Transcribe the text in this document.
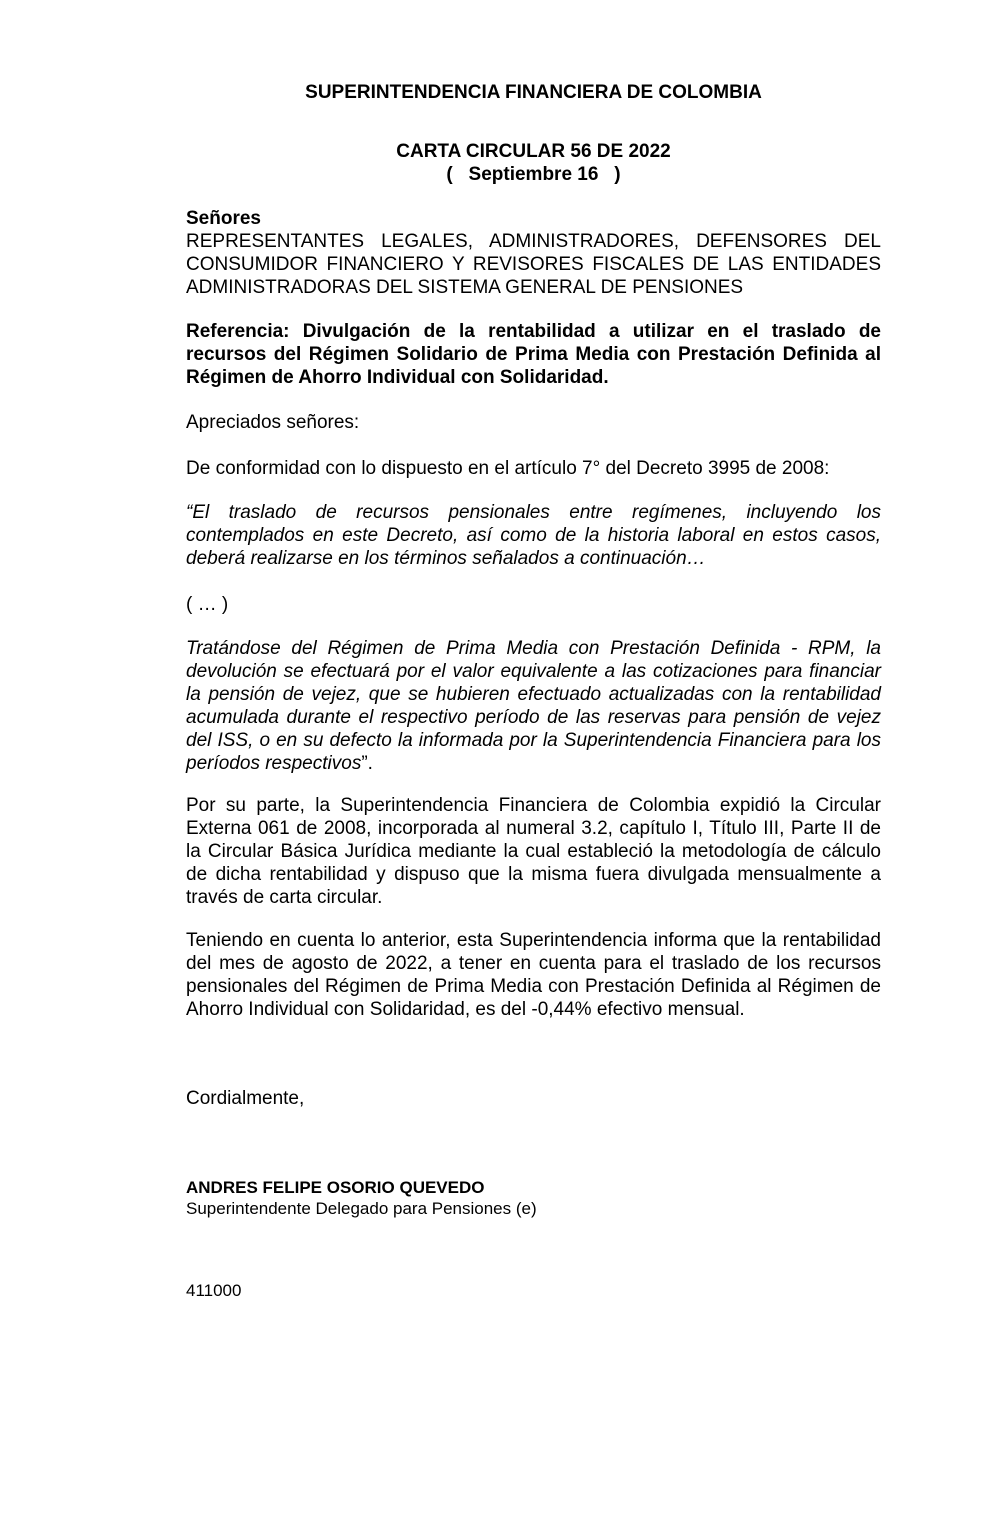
SUPERINTENDENCIA FINANCIERA DE COLOMBIA

CARTA CIRCULAR 56 DE 2022

(   Septiembre 16   )

Señores

REPRESENTANTES LEGALES, ADMINISTRADORES, DEFENSORES DEL CONSUMIDOR FINANCIERO Y REVISORES FISCALES DE LAS ENTIDADES ADMINISTRADORAS DEL SISTEMA GENERAL DE PENSIONES

Referencia: Divulgación de la rentabilidad a utilizar en el traslado de recursos del Régimen Solidario de Prima Media con Prestación Definida al Régimen de Ahorro Individual con Solidaridad.

Apreciados señores:

De conformidad con lo dispuesto en el artículo 7° del Decreto 3995 de 2008:

“El traslado de recursos pensionales entre regímenes, incluyendo los contemplados en este Decreto, así como de la historia laboral en estos casos, deberá realizarse en los términos señalados a continuación…

( … )

Tratándose del Régimen de Prima Media con Prestación Definida - RPM, la devolución se efectuará por el valor equivalente a las cotizaciones para financiar la pensión de vejez, que se hubieren efectuado actualizadas con la rentabilidad acumulada durante el respectivo período de las reservas para pensión de vejez del ISS, o en su defecto la informada por la Superintendencia Financiera para los períodos respectivos”.

Por su parte, la Superintendencia Financiera de Colombia expidió la Circular Externa 061 de 2008, incorporada al numeral 3.2, capítulo I, Título III, Parte II de la Circular Básica Jurídica mediante la cual estableció la metodología de cálculo de dicha rentabilidad y dispuso que la misma fuera divulgada mensualmente a través de carta circular.

Teniendo en cuenta lo anterior, esta Superintendencia informa que la rentabilidad del mes de agosto de 2022, a tener en cuenta para el traslado de los recursos pensionales del Régimen de Prima Media con Prestación Definida al Régimen de Ahorro Individual con Solidaridad, es del -0,44% efectivo mensual.

Cordialmente,

ANDRES FELIPE OSORIO QUEVEDO

Superintendente Delegado para Pensiones (e)

411000
